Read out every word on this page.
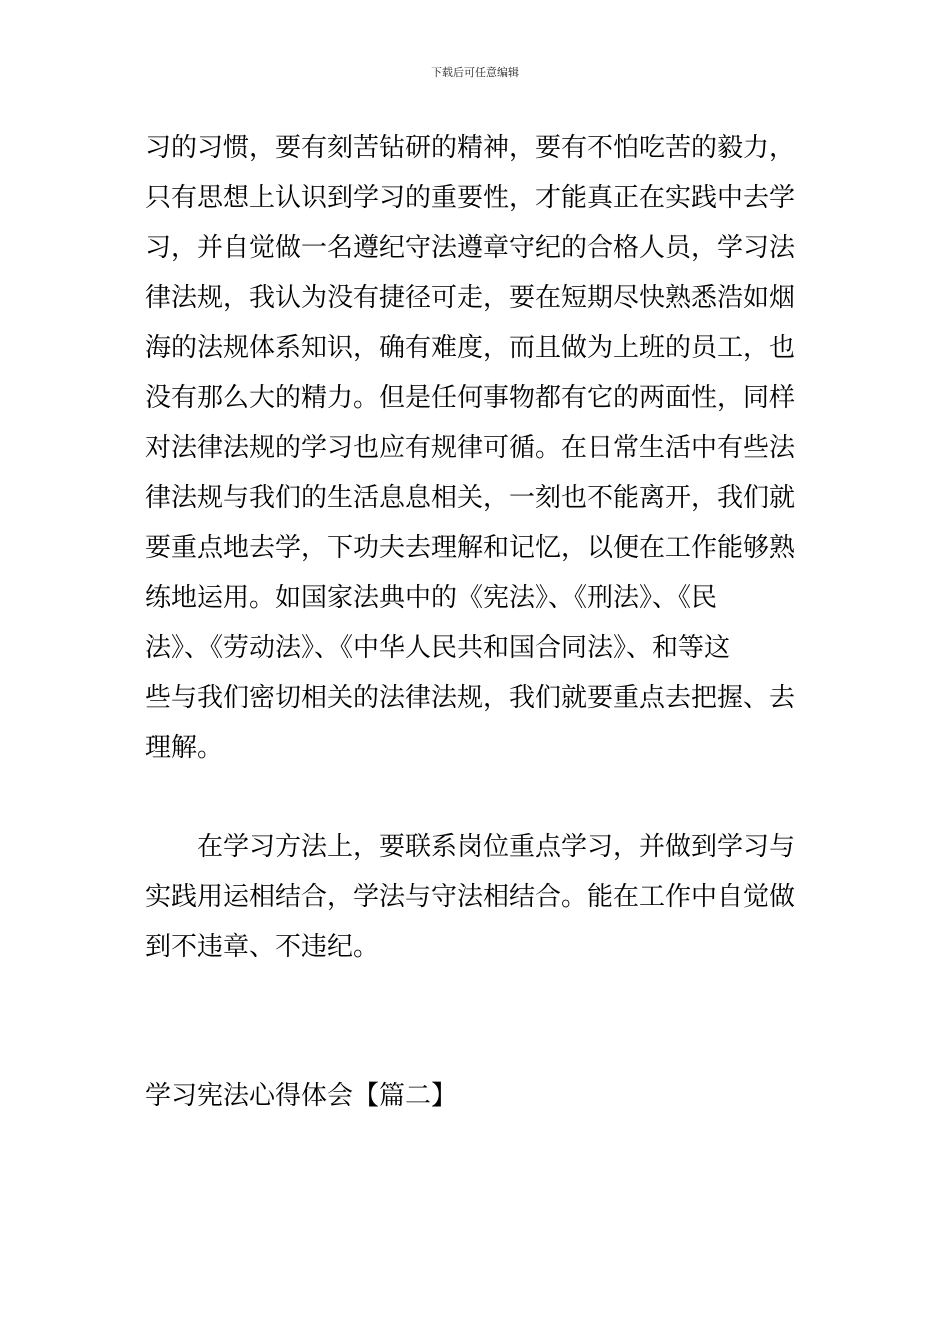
下载后可任意编辑
习的习惯，要有刻苦钻研的精神，要有不怕吃苦的毅力，
只有思想上认识到学习的重要性，才能真正在实践中去学
习，并自觉做一名遵纪守法遵章守纪的合格人员，学习法
律法规，我认为没有捷径可走，要在短期尽快熟悉浩如烟
海的法规体系知识，确有难度，而且做为上班的员工，也
没有那么大的精力。但是任何事物都有它的两面性，同样
对法律法规的学习也应有规律可循。在日常生活中有些法
律法规与我们的生活息息相关，一刻也不能离开，我们就
要重点地去学，下功夫去理解和记忆，以便在工作能够熟
练地运用。如国家法典中的《宪法》、《刑法》、《民
法》、《劳动法》、《中华人民共和国合同法》、和等这
些与我们密切相关的法律法规，我们就要重点去把握、去
理解。
在学习方法上，要联系岗位重点学习，并做到学习与
实践用运相结合，学法与守法相结合。能在工作中自觉做
到不违章、不违纪。
学习宪法心得体会【篇二】
